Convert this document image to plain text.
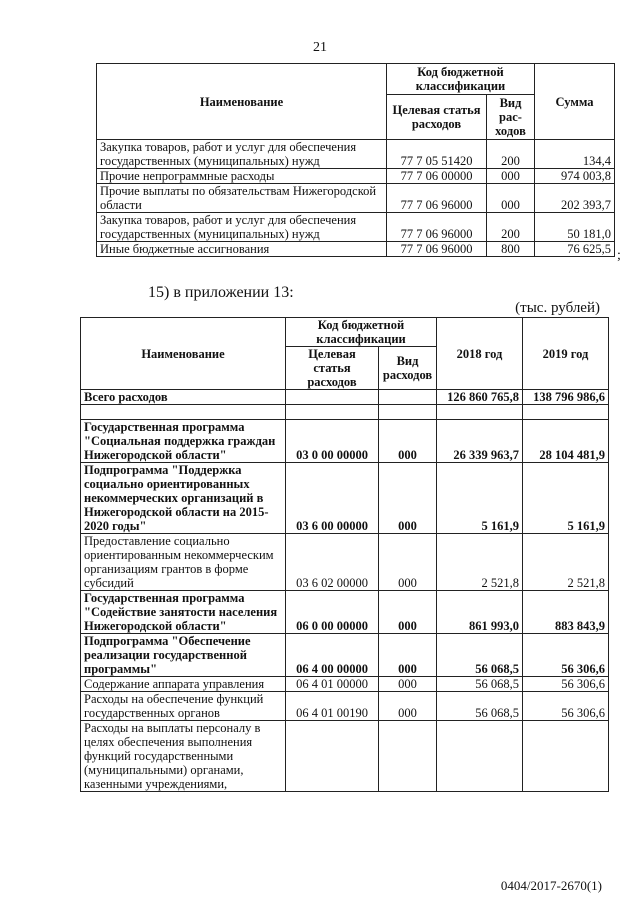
21
Наименование	Код бюджетной классификации		Сумма
	Целевая статья расходов	Вид рас-ходов	
Закупка товаров, работ и услуг для обеспечения государственных (муниципальных) нужд	77 7 05 51420	200	134,4
Прочие непрограммные расходы	77 7 06 00000	000	974 003,8
Прочие выплаты по обязательствам Нижегородской области	77 7 06 96000	000	202 393,7
Закупка товаров, работ и услуг для обеспечения государственных (муниципальных) нужд	77 7 06 96000	200	50 181,0
Иные бюджетные ассигнования	77 7 06 96000	800	76 625,5 ;
15) в приложении 13:
(тыс. рублей)
Наименование	Код бюджетной классификации		2018 год	2019 год
	Целевая статья расходов	Вид расходов		
Всего расходов			126 860 765,8	138 796 986,6

Государственная программа "Социальная поддержка граждан Нижегородской области"	03 0 00 00000	000	26 339 963,7	28 104 481,9
Подпрограмма "Поддержка социально ориентированных некоммерческих организаций в Нижегородской области на 2015-2020 годы"	03 6 00 00000	000	5 161,9	5 161,9
Предоставление социально ориентированным некоммерческим организациям грантов в форме субсидий	03 6 02 00000	000	2 521,8	2 521,8
Государственная программа "Содействие занятости населения Нижегородской области"	06 0 00 00000	000	861 993,0	883 843,9
Подпрограмма "Обеспечение реализации государственной программы"	06 4 00 00000	000	56 068,5	56 306,6
Содержание аппарата управления	06 4 01 00000	000	56 068,5	56 306,6
Расходы на обеспечение функций государственных органов	06 4 01 00190	000	56 068,5	56 306,6
Расходы на выплаты персоналу в целях обеспечения выполнения функций государственными (муниципальными) органами, казенными учреждениями,				
0404/2017-2670(1)
